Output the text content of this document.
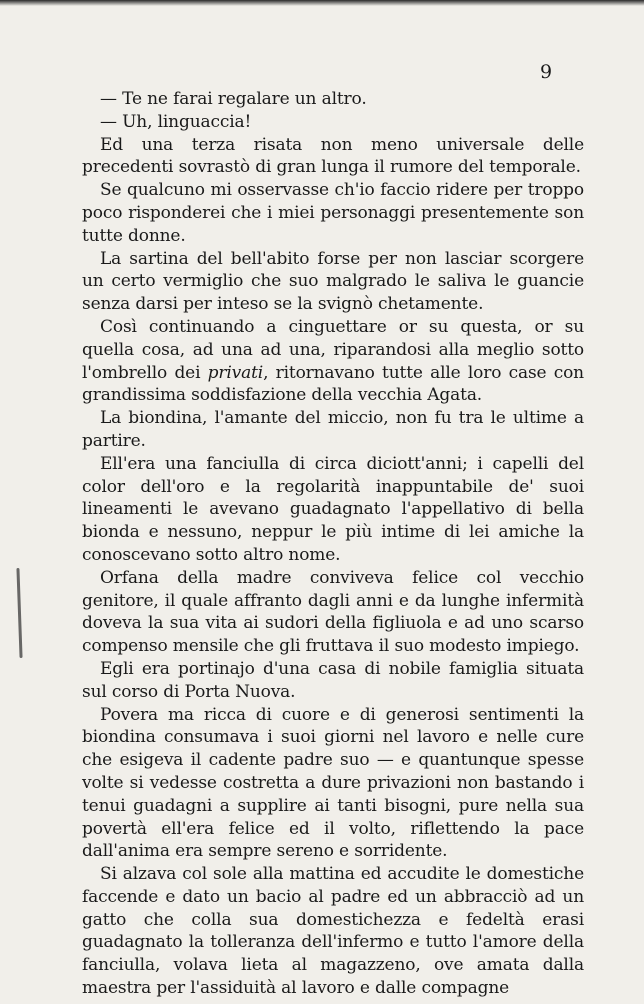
9

— Te ne farai regalare un altro.

— Uh, linguaccia!

Ed una terza risata non meno universale delle precedenti sovrastò di gran lunga il rumore del temporale.

Se qualcuno mi osservasse ch'io faccio ridere per troppo poco risponderei che i miei personaggi presentemente son tutte donne.

La sartina del bell'abito forse per non lasciar scorgere un certo vermiglio che suo malgrado le saliva le guancie senza darsi per inteso se la svignò chetamente.

Così continuando a cinguettare or su questa, or su quella cosa, ad una ad una, riparandosi alla meglio sotto l'ombrello dei privati, ritornavano tutte alle loro case con grandissima soddisfazione della vecchia Agata.

La biondina, l'amante del miccio, non fu tra le ultime a partire.

Ell'era una fanciulla di circa diciott'anni; i capelli del color dell'oro e la regolarità inappuntabile de' suoi lineamenti le avevano guadagnato l'appellativo di bella bionda e nessuno, neppur le più intime di lei amiche la conoscevano sotto altro nome.

Orfana della madre conviveva felice col vecchio genitore, il quale affranto dagli anni e da lunghe infermità doveva la sua vita ai sudori della figliuola e ad uno scarso compenso mensile che gli fruttava il suo modesto impiego.

Egli era portinajo d'una casa di nobile famiglia situata sul corso di Porta Nuova.

Povera ma ricca di cuore e di generosi sentimenti la biondina consumava i suoi giorni nel lavoro e nelle cure che esigeva il cadente padre suo — e quantunque spesse volte si vedesse costretta a dure privazioni non bastando i tenui guadagni a supplire ai tanti bisogni, pure nella sua povertà ell'era felice ed il volto, riflettendo la pace dall'anima era sempre sereno e sorridente.

Si alzava col sole alla mattina ed accudite le domestiche faccende e dato un bacio al padre ed un abbracciò ad un gatto che colla sua domestichezza e fedeltà erasi guadagnato la tolleranza dell'infermo e tutto l'amore della fanciulla, volava lieta al magazzeno, ove amata dalla maestra per l'assiduità al lavoro e dalle compagne
